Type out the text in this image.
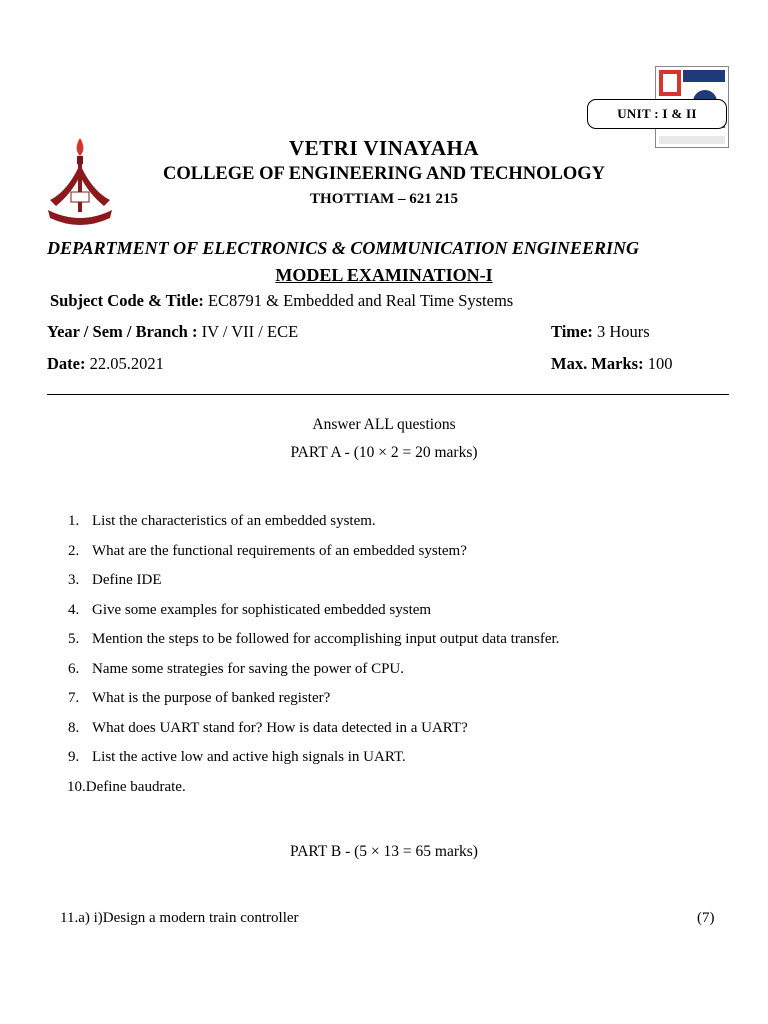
UNIT : I & II
VETRI VINAYAHA
COLLEGE OF ENGINEERING AND TECHNOLOGY
THOTTIAM – 621 215
DEPARTMENT OF ELECTRONICS & COMMUNICATION ENGINEERING
MODEL EXAMINATION-I
Subject Code & Title: EC8791 & Embedded and Real Time Systems
Year / Sem / Branch : IV / VII / ECE	Time: 3 Hours
Date: 22.05.2021	Max. Marks: 100
Answer ALL questions
PART A - (10 × 2 = 20 marks)
1. List the characteristics of an embedded system.
2. What are the functional requirements of an embedded system?
3. Define IDE
4. Give some examples for sophisticated embedded system
5. Mention the steps to be followed for accomplishing input output data transfer.
6. Name some strategies for saving the power of CPU.
7. What is the purpose of banked register?
8. What does UART stand for? How is data detected in a UART?
9. List the active low and active high signals in UART.
10.Define baudrate.
PART B - (5 × 13 = 65 marks)
11.a) i)Design a modern train controller	(7)
